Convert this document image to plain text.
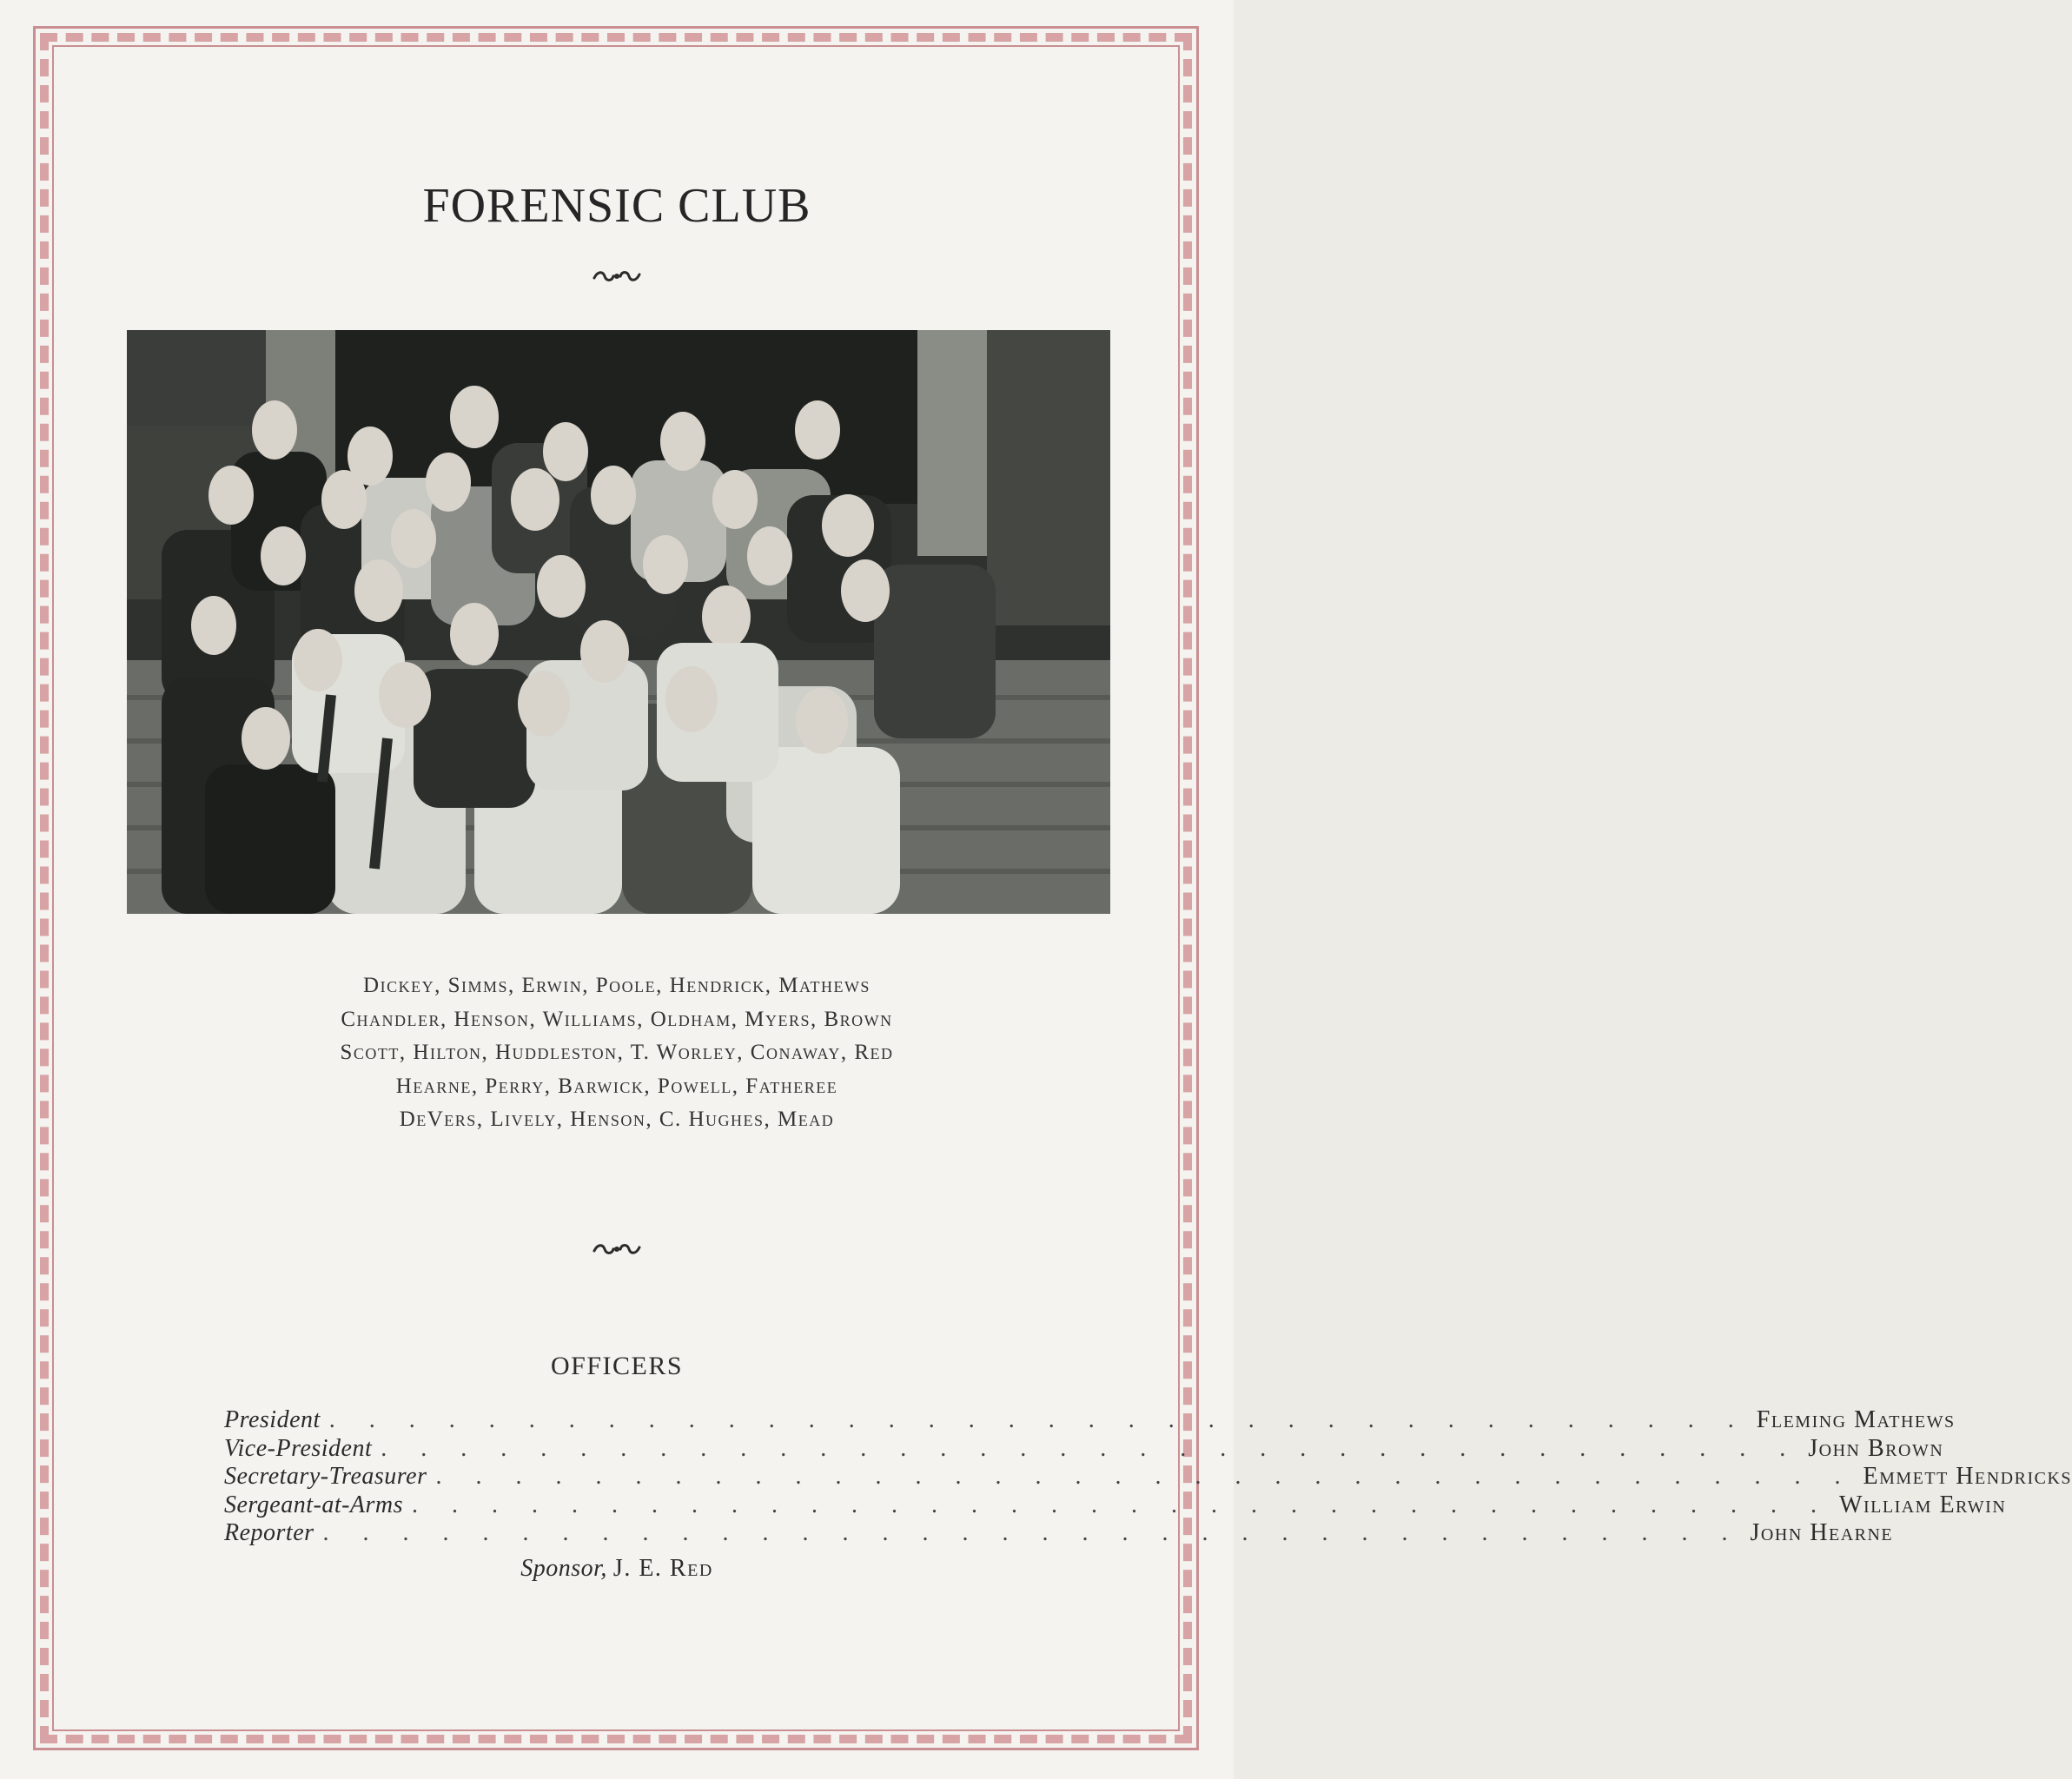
FORENSIC CLUB
Dickey, Simms, Erwin, Poole, Hendrick, Mathews
Chandler, Henson, Williams, Oldham, Myers, Brown
Scott, Hilton, Huddleston, T. Worley, Conaway, Red
Hearne, Perry, Barwick, Powell, Fatheree
DeVers, Lively, Henson, C. Hughes, Mead
OFFICERS
President . . . . . . . . . . . . . . . . . . . . . . . . . . . . . . . . . . . . Fleming Mathews
Vice-President . . . . . . . . . . . . . . . . . . . . . . . . . . . . . . . . . . . . John Brown
Secretary-Treasurer . . . . . . . . . . . . . . . . . . . . . . . . . . . . . . . . . . . . Emmett Hendricks
Sergeant-at-Arms . . . . . . . . . . . . . . . . . . . . . . . . . . . . . . . . . . . . William Erwin
Reporter . . . . . . . . . . . . . . . . . . . . . . . . . . . . . . . . . . . . John Hearne
Sponsor, J. E. Red
